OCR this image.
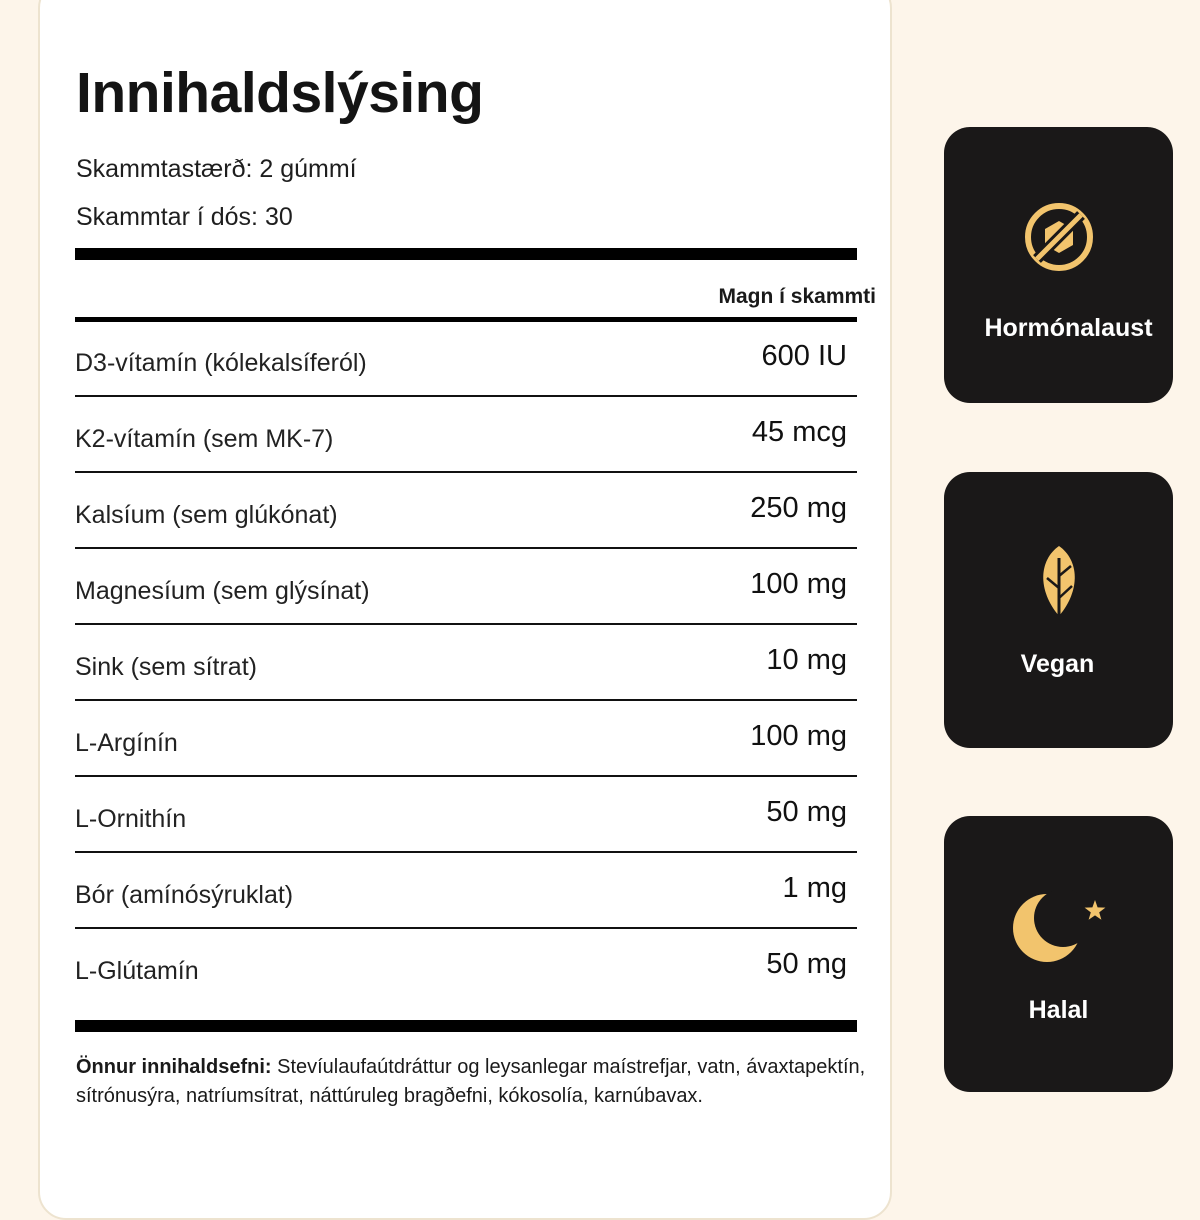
Innihaldslýsing
Skammtastærð: 2 gúmmí
Skammtar í dós: 30
Magn í skammti
D3-vítamín (kólekalsíferól)	600 IU
K2-vítamín (sem MK-7)	45 mcg
Kalsíum (sem glúkónat)	250 mg
Magnesíum (sem glýsínat)	100 mg
Sink (sem sítrat)	10 mg
L-Argínín	100 mg
L-Ornithín	50 mg
Bór (amínósýruklat)	1 mg
L-Glútamín	50 mg
Önnur innihaldsefni: Stevíulaufaútdráttur og leysanlegar maístrefjar, vatn, ávaxtapektín, sítrónusýra, natríumsítrat, náttúruleg bragðefni, kókosolía, karnúbavax.
Hormónalaust
Vegan
Halal
